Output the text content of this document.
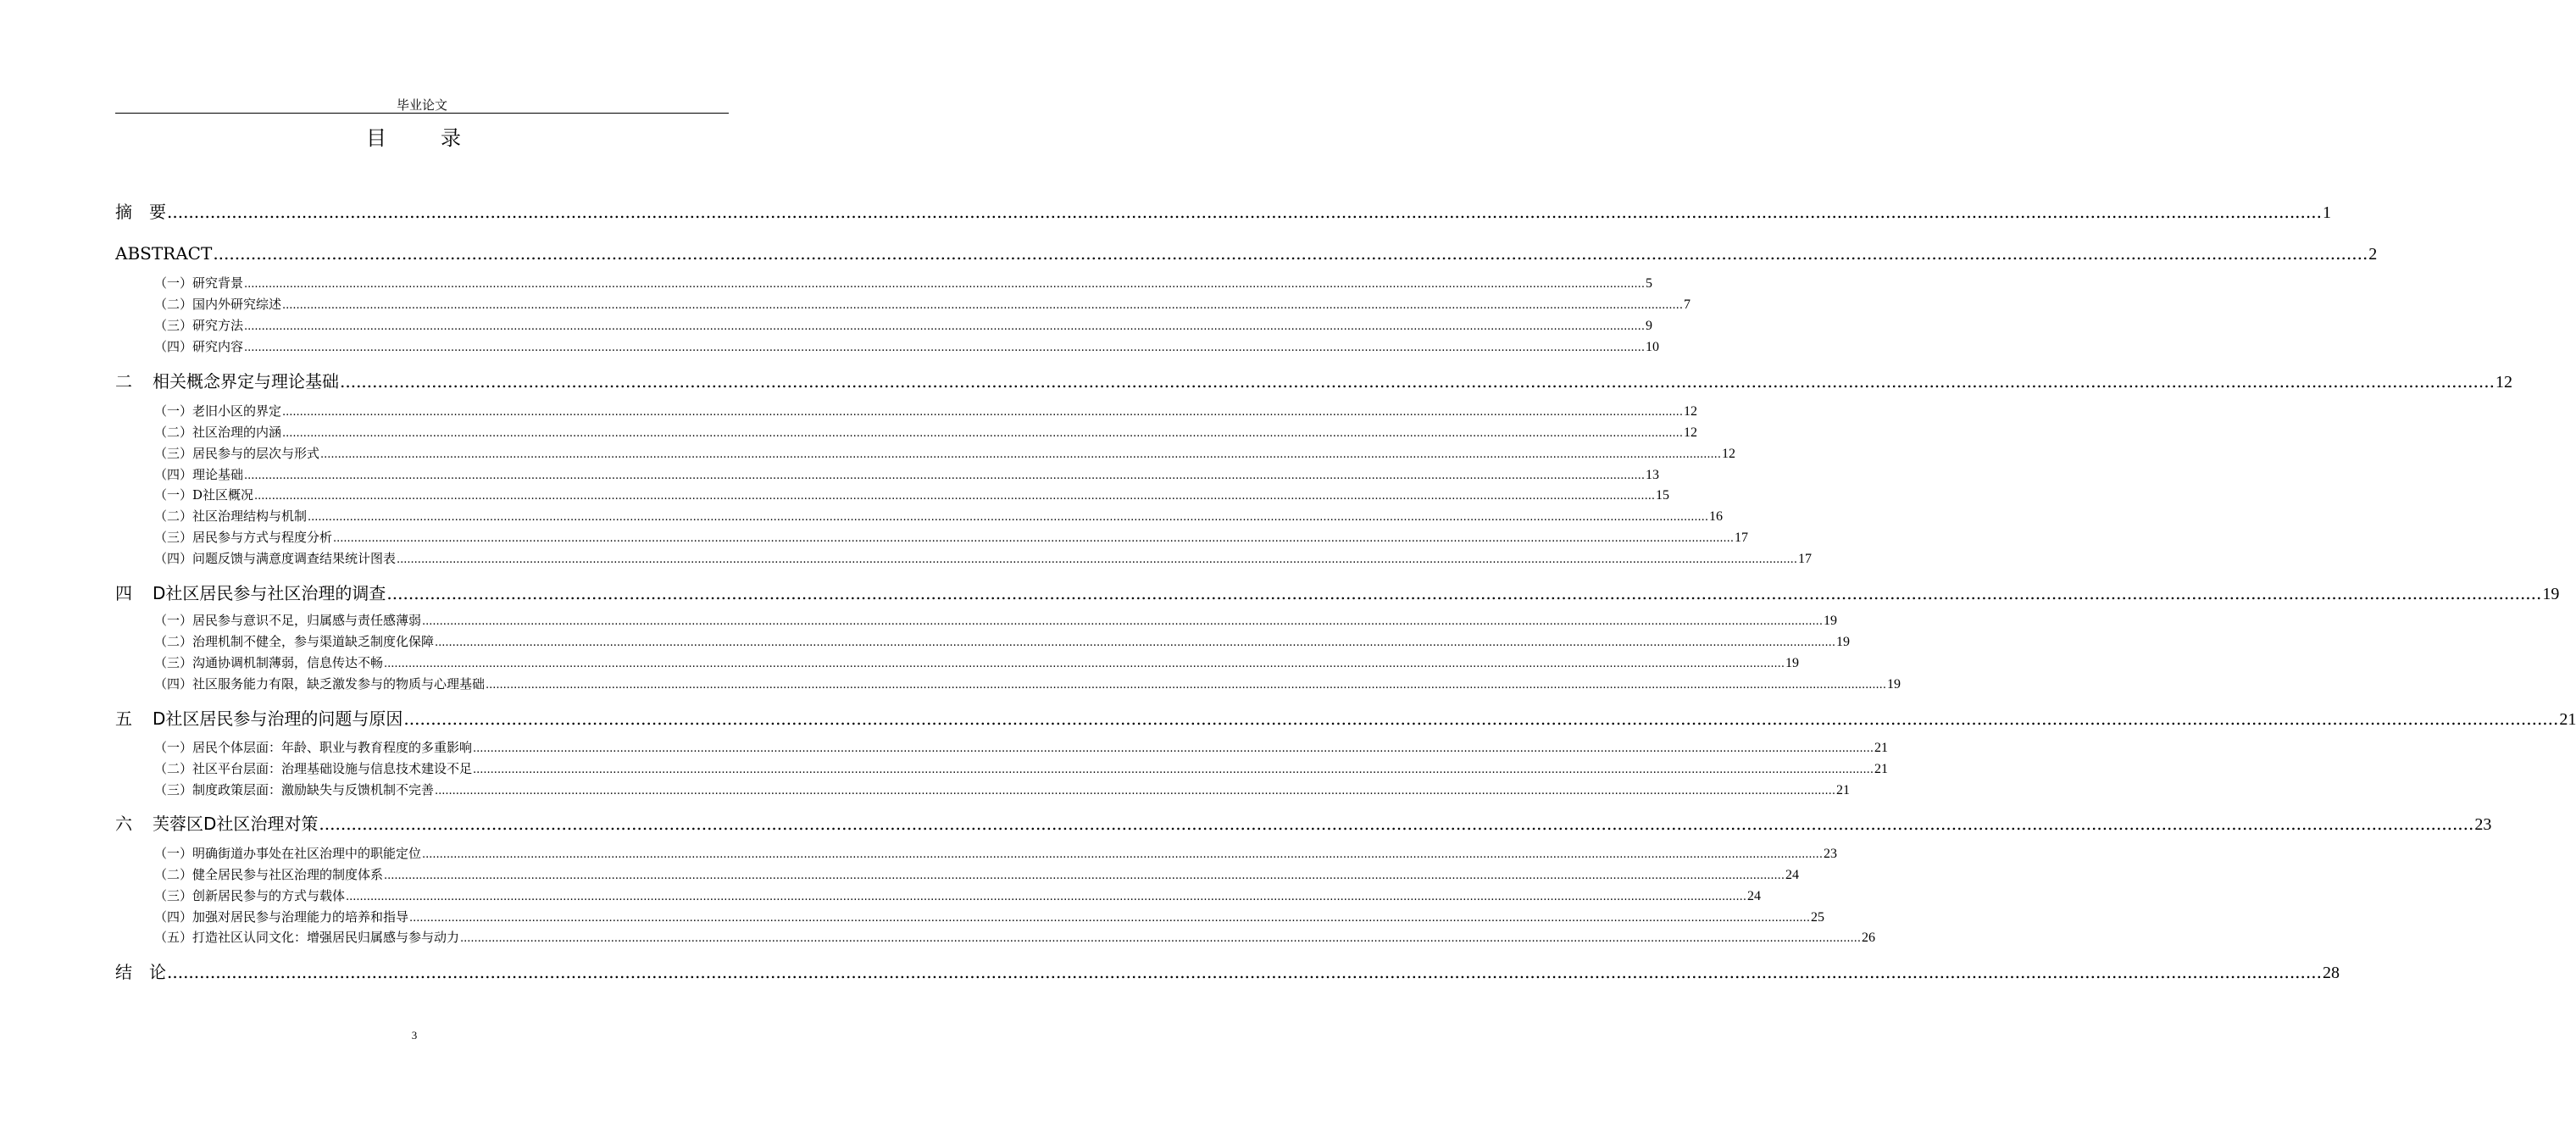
毕业论文
目　录
摘　要 ................................................................................................................................................................................................................................................................................................................................................................................................................ 1
ABSTRACT ................................................................................................................................................................................................................................................................................................................................................................................................................ 2
（一）研究背景 ................................................................................................................................................................................................................................................................................................................................................................................................................ 5
（二）国内外研究综述 ................................................................................................................................................................................................................................................................................................................................................................................................................ 7
（三）研究方法 ................................................................................................................................................................................................................................................................................................................................................................................................................ 9
（四）研究内容 ................................................................................................................................................................................................................................................................................................................................................................................................................ 10
二 相关概念界定与理论基础 ................................................................................................................................................................................................................................................................................................................................................................................................................ 12
（一）老旧小区的界定 ................................................................................................................................................................................................................................................................................................................................................................................................................ 12
（二）社区治理的内涵 ................................................................................................................................................................................................................................................................................................................................................................................................................ 12
（三）居民参与的层次与形式 ................................................................................................................................................................................................................................................................................................................................................................................................................ 12
（四）理论基础 ................................................................................................................................................................................................................................................................................................................................................................................................................ 13
（一）D社区概况 ................................................................................................................................................................................................................................................................................................................................................................................................................ 15
（二）社区治理结构与机制 ................................................................................................................................................................................................................................................................................................................................................................................................................ 16
（三）居民参与方式与程度分析 ................................................................................................................................................................................................................................................................................................................................................................................................................ 17
（四）问题反馈与满意度调查结果统计图表 ................................................................................................................................................................................................................................................................................................................................................................................................................ 17
四 D社区居民参与社区治理的调查 ................................................................................................................................................................................................................................................................................................................................................................................................................ 19
（一）居民参与意识不足，归属感与责任感薄弱 ................................................................................................................................................................................................................................................................................................................................................................................................................ 19
（二）治理机制不健全，参与渠道缺乏制度化保障 ................................................................................................................................................................................................................................................................................................................................................................................................................ 19
（三）沟通协调机制薄弱，信息传达不畅 ................................................................................................................................................................................................................................................................................................................................................................................................................ 19
（四）社区服务能力有限，缺乏激发参与的物质与心理基础 ................................................................................................................................................................................................................................................................................................................................................................................................................ 19
五 D社区居民参与治理的问题与原因 ................................................................................................................................................................................................................................................................................................................................................................................................................ 21
（一）居民个体层面：年龄、职业与教育程度的多重影响 ................................................................................................................................................................................................................................................................................................................................................................................................................ 21
（二）社区平台层面：治理基础设施与信息技术建设不足 ................................................................................................................................................................................................................................................................................................................................................................................................................ 21
（三）制度政策层面：激励缺失与反馈机制不完善 ................................................................................................................................................................................................................................................................................................................................................................................................................ 21
六 芙蓉区D社区治理对策 ................................................................................................................................................................................................................................................................................................................................................................................................................ 23
（一）明确街道办事处在社区治理中的职能定位 ................................................................................................................................................................................................................................................................................................................................................................................................................ 23
（二）健全居民参与社区治理的制度体系 ................................................................................................................................................................................................................................................................................................................................................................................................................ 24
（三）创新居民参与的方式与载体 ................................................................................................................................................................................................................................................................................................................................................................................................................ 24
（四）加强对居民参与治理能力的培养和指导 ................................................................................................................................................................................................................................................................................................................................................................................................................ 25
（五）打造社区认同文化：增强居民归属感与参与动力 ................................................................................................................................................................................................................................................................................................................................................................................................................ 26
结　论 ................................................................................................................................................................................................................................................................................................................................................................................................................ 28
3
